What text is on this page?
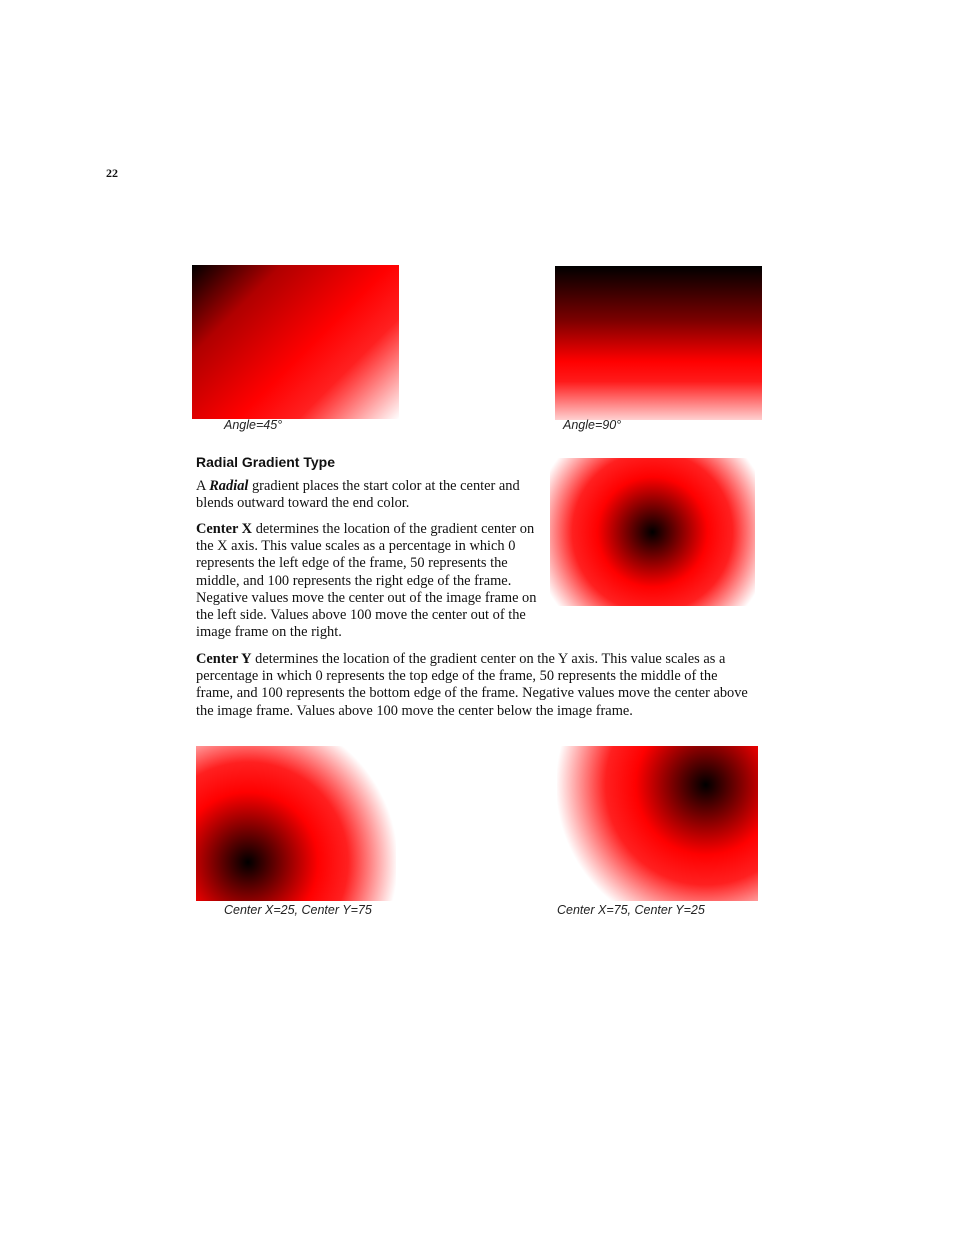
22
Angle=45°	Angle=90°
Radial Gradient Type

A Radial gradient places the start color at the center and blends outward toward the end color.

Center X determines the location of the gradient center on the X axis. This value scales as a percentage in which 0 represents the left edge of the frame, 50 represents the middle, and 100 represents the right edge of the frame. Negative values move the center out of the image frame on the left side. Values above 100 move the center out of the image frame on the right.

Center Y determines the location of the gradient center on the Y axis. This value scales as a percentage in which 0 represents the top edge of the frame, 50 represents the middle of the frame, and 100 represents the bottom edge of the frame. Negative values move the center above the image frame. Values above 100 move the center below the image frame.

Center X=25, Center Y=75	Center X=75, Center Y=25
